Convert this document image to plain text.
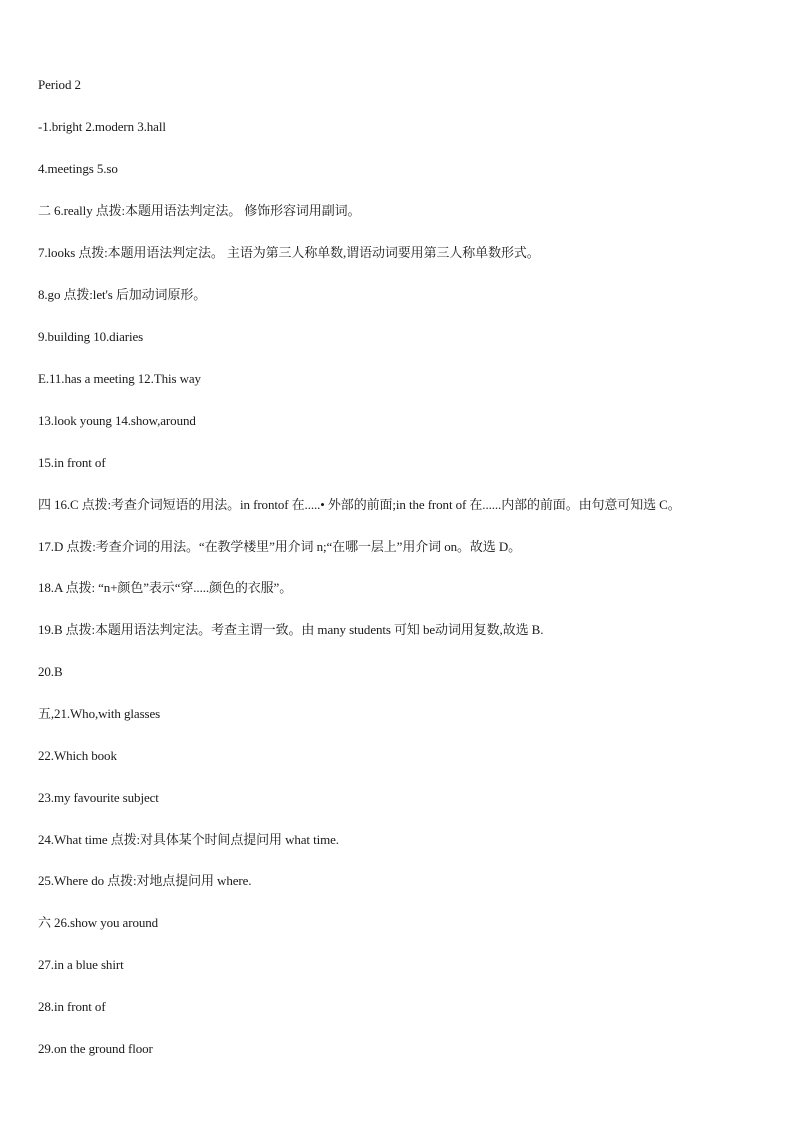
Period 2
-1.bright 2.modern 3.hall
4.meetings 5.so
二 6.really 点拨:本题用语法判定法。 修饰形容词用副词。
7.looks 点拨:本题用语法判定法。 主语为第三人称单数,谓语动词要用第三人称单数形式。
8.go 点拨:let's 后加动词原形。
9.building 10.diaries
E.11.has a meeting 12.This way
13.look young 14.show,around
15.in front of
四 16.C 点拨:考查介词短语的用法。in frontof 在.....• 外部的前面;in the front of 在......内部的前面。由句意可知选 C。
17.D 点拨:考查介词的用法。“在教学楼里”用介词 n;“在哪一层上”用介词 on。故选 D。
18.A 点拨: “n+颜色”表示“穿.....颜色的衣服”。
19.B 点拨:本题用语法判定法。考查主谓一致。由 many students 可知 be动词用复数,故选 B.
20.B
五,21.Who,with glasses
22.Which book
23.my favourite subject
24.What time 点拨:对具体某个时间点提问用 what time.
25.Where do 点拨:对地点提问用 where.
六 26.show you around
27.in a blue shirt
28.in front of
29.on the ground floor
